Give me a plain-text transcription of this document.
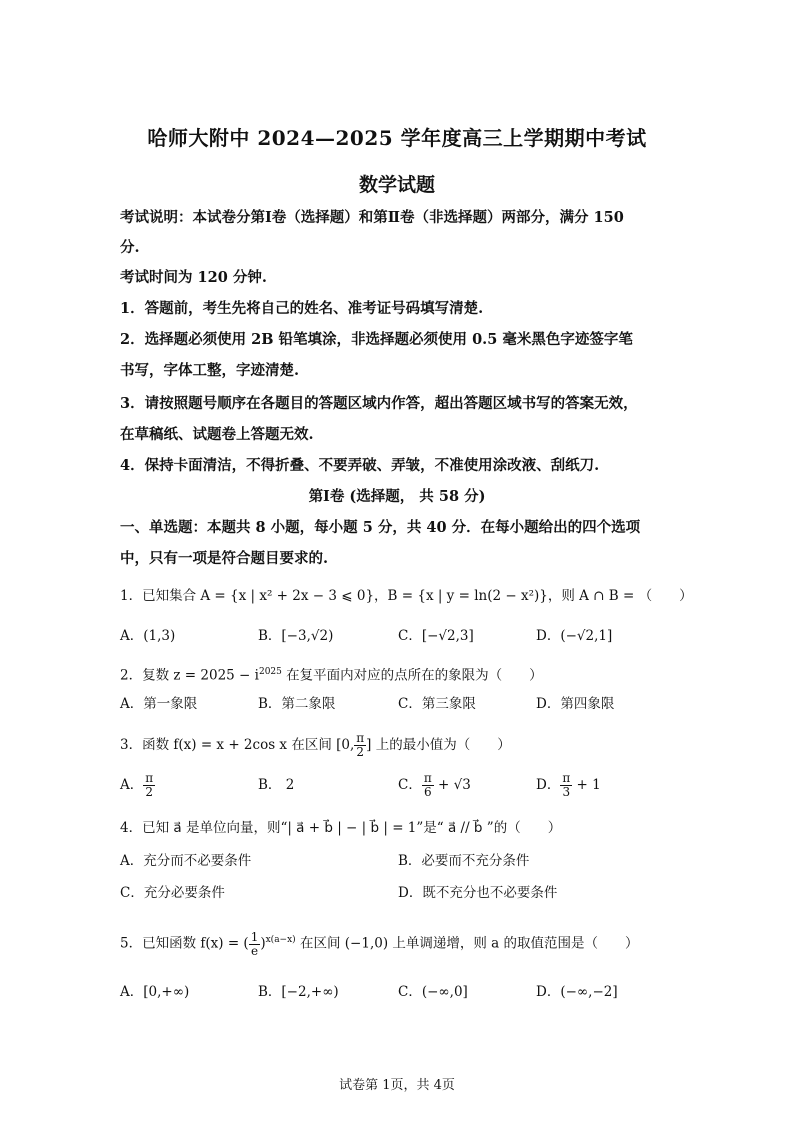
哈师大附中 2024—2025 学年度高三上学期期中考试
数学试题
考试说明：本试卷分第Ⅰ卷（选择题）和第Ⅱ卷（非选择题）两部分，满分 150
分.
考试时间为 120 分钟.
1．答题前，考生先将自己的姓名、准考证号码填写清楚.
2．选择题必须使用 2B 铅笔填涂，非选择题必须使用 0.5 毫米黑色字迹签字笔
书写，字体工整，字迹清楚.
3．请按照题号顺序在各题目的答题区域内作答，超出答题区域书写的答案无效，
在草稿纸、试题卷上答题无效.
4．保持卡面清洁，不得折叠、不要弄破、弄皱，不准使用涂改液、刮纸刀.
第Ⅰ卷 (选择题， 共 58 分)
一、单选题：本题共 8 小题，每小题 5 分，共 40 分．在每小题给出的四个选项
中，只有一项是符合题目要求的.
1．已知集合 A = {x | x² + 2x − 3 ⩽ 0}，B = {x | y = ln(2 − x²)}，则 A ∩ B = （　　）
A．(1,3)	B．[−3,√2)	C．[−√2,3]	D．(−√2,1]
2．复数 $z = 2025 - i^{2025}$ 在复平面内对应的点所在的象限为（　　）
A．第一象限	B．第二象限	C．第三象限	D．第四象限
3．函数 f(x) = x + 2cos x 在区间 [0, $\frac{\pi}{2}$ ] 上的最小值为（　　）
A． $\frac{\pi}{2}$	B． 2	C． $\frac{\pi}{6} + √3$	D． $\frac{\pi}{3} + 1$
4．已知 a⃗ 是单位向量，则“| a⃗ + b⃗ | − | b⃗ | = 1”是“ a⃗ // b⃗ ”的（　　）
A．充分而不必要条件	B．必要而不充分条件
C．充分必要条件	D．既不充分也不必要条件
5．已知函数 f(x) = ( $\frac{1}{e} )^{x(a-x)}$ 在区间 (−1,0) 上单调递增，则 a 的取值范围是（　　）
A．[0,+∞)	B．[−2,+∞)	C．(−∞,0]	D．(−∞,−2]
试卷第 1页，共 4页
